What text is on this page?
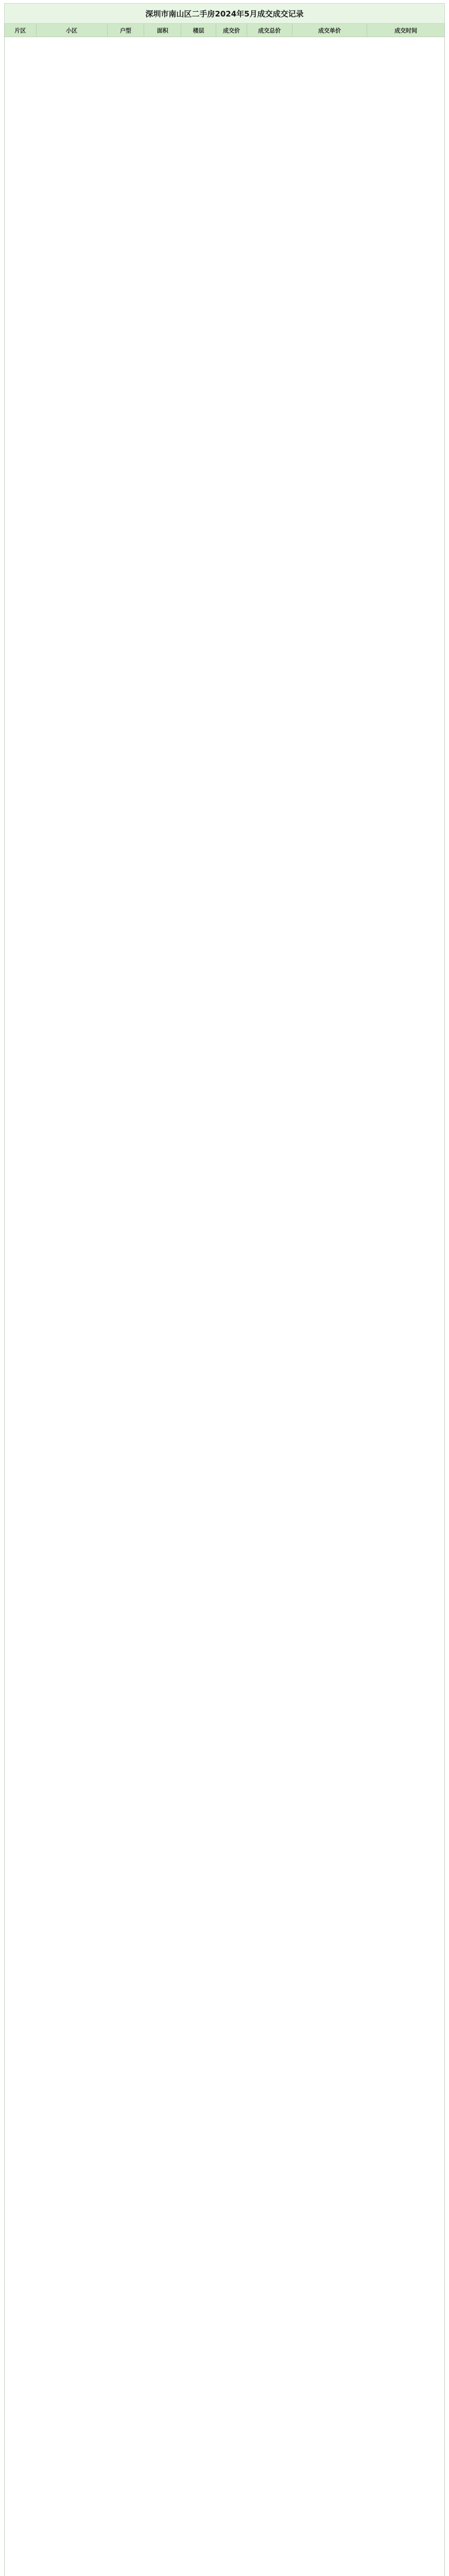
深圳市南山区二手房2024年5月成交成交记录
片区	小区	户型	面积	楼层	成交价	成交总价	成交单价	成交时间
